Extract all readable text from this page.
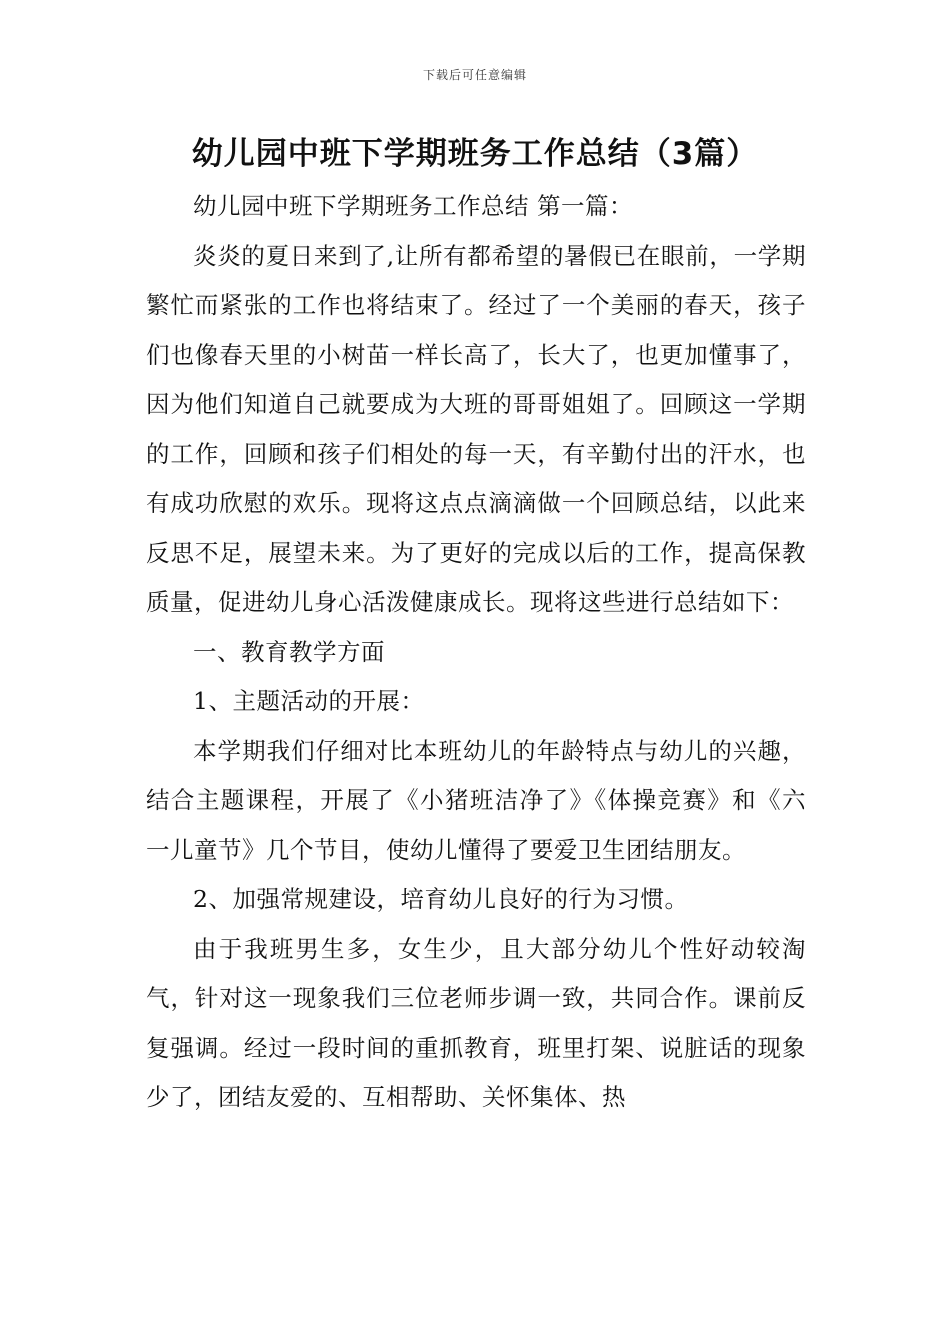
下载后可任意编辑
幼儿园中班下学期班务工作总结（3篇）

幼儿园中班下学期班务工作总结 第一篇：

炎炎的夏日来到了,让所有都希望的暑假已在眼前，一学期繁忙而紧张的工作也将结束了。经过了一个美丽的春天，孩子们也像春天里的小树苗一样长高了，长大了，也更加懂事了，因为他们知道自己就要成为大班的哥哥姐姐了。回顾这一学期的工作，回顾和孩子们相处的每一天，有辛勤付出的汗水，也有成功欣慰的欢乐。现将这点点滴滴做一个回顾总结，以此来反思不足，展望未来。为了更好的完成以后的工作，提高保教质量，促进幼儿身心活泼健康成长。现将这些进行总结如下：

一、教育教学方面

1、主题活动的开展：

本学期我们仔细对比本班幼儿的年龄特点与幼儿的兴趣，结合主题课程，开展了《小猪班洁净了》《体操竞赛》和《六一儿童节》几个节目，使幼儿懂得了要爱卫生团结朋友。

2、加强常规建设，培育幼儿良好的行为习惯。

由于我班男生多，女生少，且大部分幼儿个性好动较淘气，针对这一现象我们三位老师步调一致，共同合作。课前反复强调。经过一段时间的重抓教育，班里打架、说脏话的现象少了，团结友爱的、互相帮助、关怀集体、热
